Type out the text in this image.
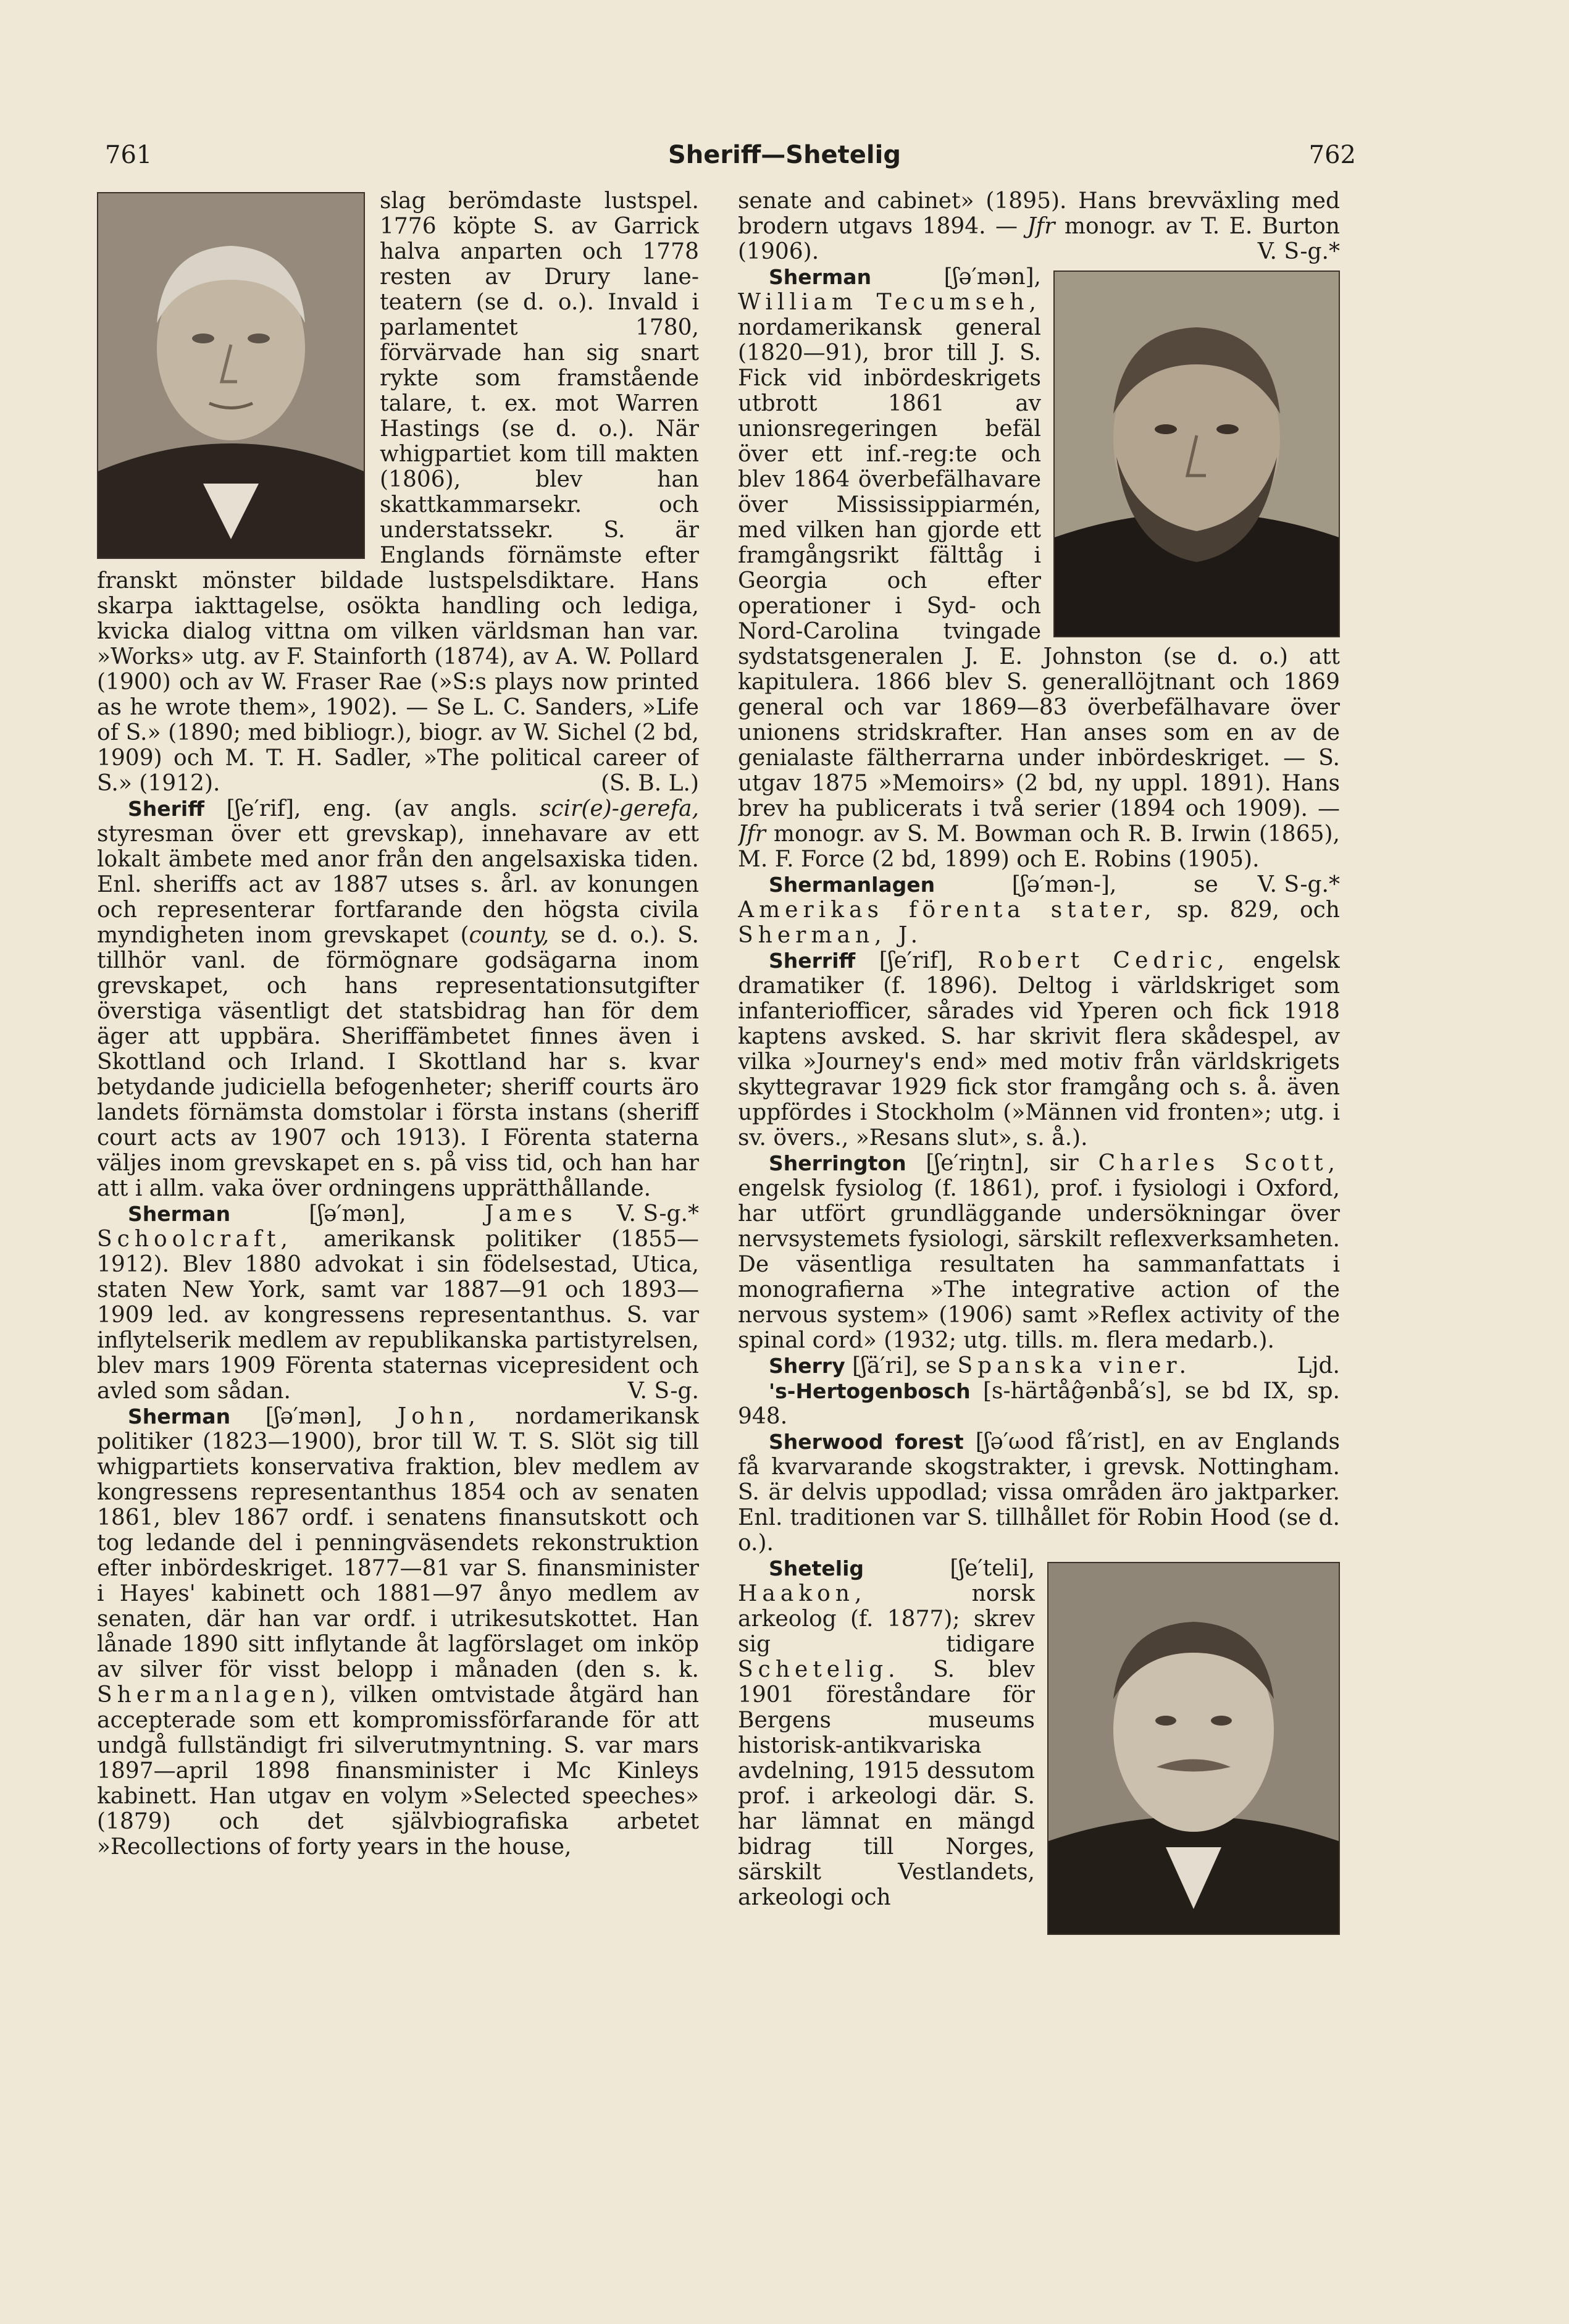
761	Sheriff—Shetelig	762

slag berömdaste lustspel. 1776 köpte S. av Garrick halva anparten och 1778 resten av Drury lane-teatern (se d. o.). Invald i parlamentet 1780, förvärvade han sig snart rykte som framstående talare, t. ex. mot Warren Hastings (se d. o.). När whigpartiet kom till makten (1806), blev han skattkammarsekr. och understatssekr. S. är Englands förnämste efter franskt mönster bildade lustspelsdiktare. Hans skarpa iakttagelse, osökta handling och lediga, kvicka dialog vittna om vilken världsman han var. »Works» utg. av F. Stainforth (1874), av A. W. Pollard (1900) och av W. Fraser Rae (»S:s plays now printed as he wrote them», 1902). — Se L. C. Sanders, »Life of S.» (1890; med bibliogr.), biogr. av W. Sichel (2 bd, 1909) och M. T. H. Sadler, »The political career of S.» (1912).	(S. B. L.)

Sheriff [ʃe′rif], eng. (av angls. scir(e)-gerefa, styresman över ett grevskap), innehavare av ett lokalt ämbete med anor från den angelsaxiska tiden. Enl. sheriffs act av 1887 utses s. årl. av konungen och representerar fortfarande den högsta civila myndigheten inom grevskapet (county, se d. o.). S. tillhör vanl. de förmögnare godsägarna inom grevskapet, och hans representationsutgifter överstiga väsentligt det statsbidrag han för dem äger att uppbära. Sheriffämbetet finnes även i Skottland och Irland. I Skottland har s. kvar betydande judiciella befogenheter; sheriff courts äro landets förnämsta domstolar i första instans (sheriff court acts av 1907 och 1913). I Förenta staterna väljes inom grevskapet en s. på viss tid, och han har att i allm. vaka över ordningens upprätthållande.
V. S-g.*

Sherman	[ʃə′mən],	James Schoolcraft, amerikansk politiker (1855—1912). Blev 1880 advokat i sin födelsestad, Utica, staten New York, samt var 1887—91 och 1893—1909 led. av kongressens representanthus. S. var inflytelserik medlem av republikanska partistyrelsen, blev mars 1909 Förenta staternas vicepresident och avled som sådan.	V. S-g.

Sherman [ʃə′mən], John, nordamerikansk politiker (1823—1900), bror till W. T. S. Slöt sig till whigpartiets konservativa fraktion, blev medlem av kongressens representanthus 1854 och av senaten 1861, blev 1867 ordf. i senatens finansutskott och tog ledande del i penningväsendets rekonstruktion efter inbördeskriget. 1877—81 var S. finansminister i Hayes' kabinett och 1881—97 ånyo medlem av senaten, där han var ordf. i utrikesutskottet. Han lånade 1890 sitt inflytande åt lagförslaget om inköp av silver för visst belopp i månaden (den s. k. Shermanlagen), vilken omtvistade åtgärd han accepterade som ett kompromissförfarande för att undgå fullständigt fri silverutmyntning. S. var mars 1897—april 1898 finansminister i Mc Kinleys kabinett. Han utgav en volym »Selected speeches» (1879) och det självbiografiska arbetet »Recollections of forty years in the house,

senate and cabinet» (1895). Hans brevväxling med brodern utgavs 1894. — Jfr monogr. av T. E. Burton (1906).	V. S-g.*

Sherman	[ʃə′mən], William Tecumseh, nordamerikansk general (1820—91), bror till J. S. Fick vid inbördeskrigets utbrott 1861 av unionsregeringen befäl över ett inf.-reg:te och blev 1864 överbefälhavare över Mississippiarmén, med vilken han gjorde ett framgångsrikt fälttåg i Georgia och efter operationer i Syd- och Nord-Carolina tvingade sydstatsgeneralen J. E. Johnston (se d. o.) att kapitulera. 1866 blev S. generallöjtnant och 1869 general och var 1869—83 överbefälhavare över unionens stridskrafter. Han anses som en av de genialaste fältherrarna under inbördeskriget. — S. utgav 1875 »Memoirs» (2 bd, ny uppl. 1891). Hans brev ha publicerats i två serier (1894 och 1909). — Jfr monogr. av S. M. Bowman och R. B. Irwin (1865), M. F. Force (2 bd, 1899) och E. Robins (1905).
V. S-g.*

Shermanlagen	[ʃə′mən-], se Amerikas förenta stater, sp. 829, och Sherman, J.

Sherriff [ʃe′rif], Robert Cedric, engelsk dramatiker (f. 1896). Deltog i världskriget som infanteriofficer, sårades vid Yperen och fick 1918 kaptens avsked. S. har skrivit flera skådespel, av vilka »Journey's end» med motiv från världskrigets skyttegravar 1929 fick stor framgång och s. å. även uppfördes i Stockholm (»Männen vid fronten»; utg. i sv. övers., »Resans slut», s. å.).

Sherrington [ʃe′riŋtn], sir Charles Scott, engelsk fysiolog (f. 1861), prof. i fysiologi i Oxford, har utfört grundläggande undersökningar över nervsystemets fysiologi, särskilt reflexverksamheten. De väsentliga resultaten ha sammanfattats i monografierna »The integrative action of the nervous system» (1906) samt »Reflex activity of the spinal cord» (1932; utg. tills. m. flera medarb.).
Ljd.

Sherry [ʃä′ri], se Spanska viner.

's-Hertogenbosch [s-härtåĝənbå′s], se bd IX, sp. 948.

Sherwood forest [ʃə′ωod få′rist], en av Englands få kvarvarande skogstrakter, i grevsk. Nottingham. S. är delvis uppodlad; vissa områden äro jaktparker. Enl. traditionen var S. tillhållet för Robin Hood (se d. o.).

Shetelig	[ʃe′teli], Haakon,	norsk arkeolog (f. 1877); skrev sig tidigare Schetelig. S. blev 1901 föreståndare för Bergens museums historisk-antikvariska avdelning, 1915 dessutom prof. i arkeologi där. S. har lämnat en mängd bidrag till Norges, särskilt Vestlandets, arkeologi och
